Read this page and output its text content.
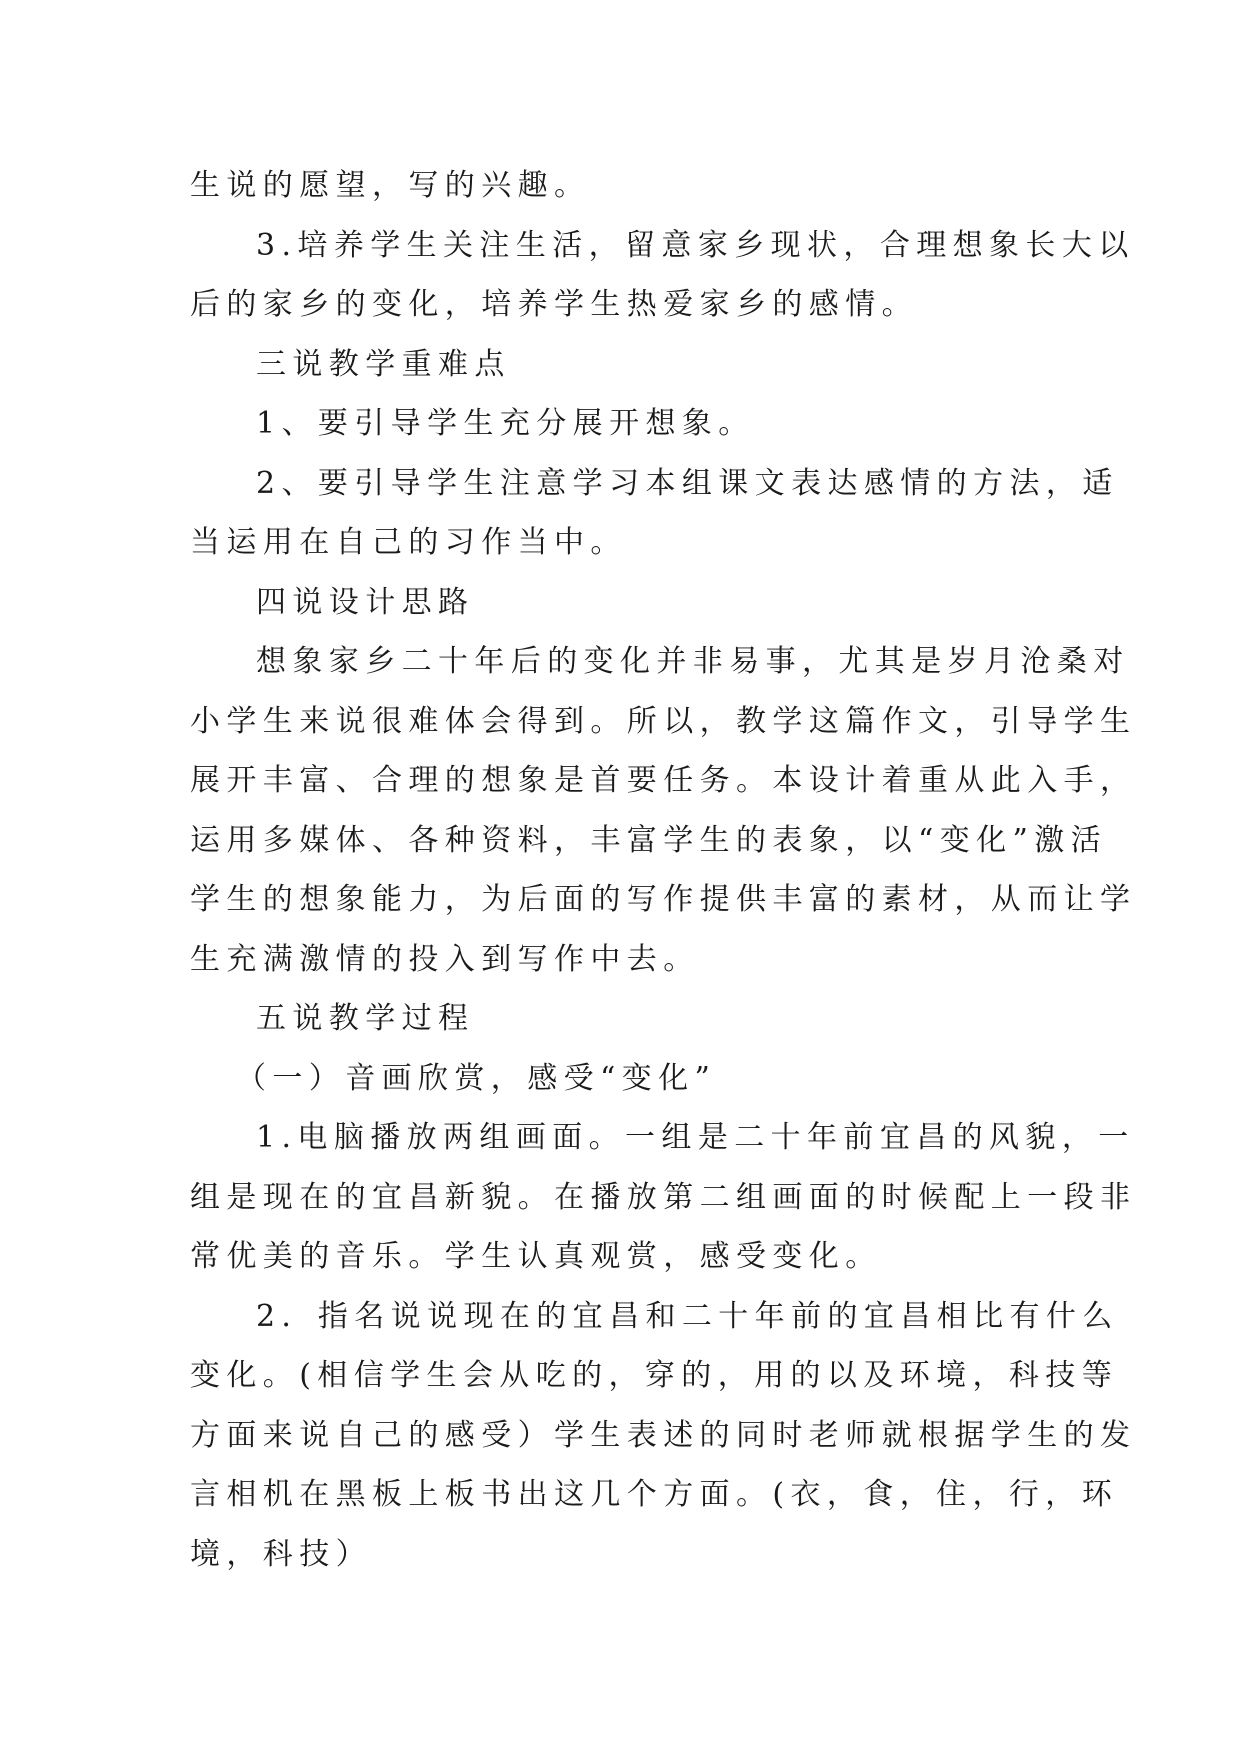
生说的愿望，写的兴趣。

3.培养学生关注生活，留意家乡现状，合理想象长大以

后的家乡的变化，培养学生热爱家乡的感情。

三说教学重难点

1、要引导学生充分展开想象。

2、要引导学生注意学习本组课文表达感情的方法，适

当运用在自己的习作当中。

四说设计思路

想象家乡二十年后的变化并非易事，尤其是岁月沧桑对

小学生来说很难体会得到。所以，教学这篇作文，引导学生

展开丰富、合理的想象是首要任务。本设计着重从此入手，

运用多媒体、各种资料，丰富学生的表象，以“变化”激活

学生的想象能力，为后面的写作提供丰富的素材，从而让学

生充满激情的投入到写作中去。

五说教学过程

（一）音画欣赏，感受“变化”

1.电脑播放两组画面。一组是二十年前宜昌的风貌，一

组是现在的宜昌新貌。在播放第二组画面的时候配上一段非

常优美的音乐。学生认真观赏，感受变化。

2．指名说说现在的宜昌和二十年前的宜昌相比有什么

变化。(相信学生会从吃的，穿的，用的以及环境，科技等

方面来说自己的感受）学生表述的同时老师就根据学生的发

言相机在黑板上板书出这几个方面。(衣，食，住，行，环

境，科技）
